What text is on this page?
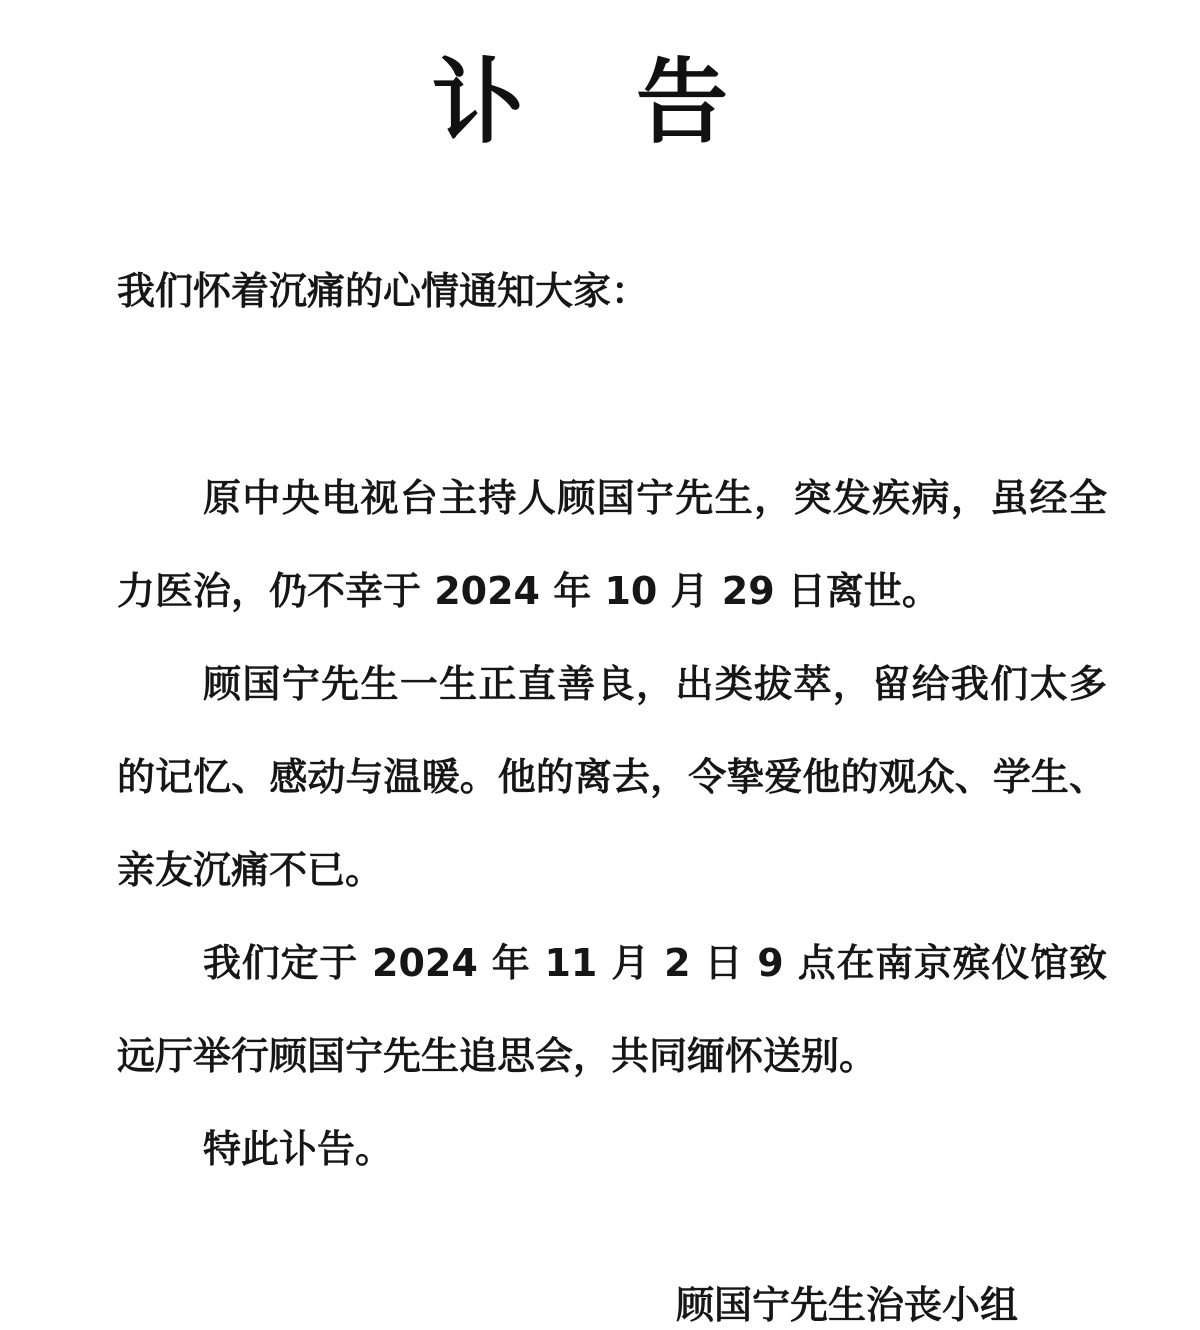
讣 告
我们怀着沉痛的心情通知大家：

原中央电视台主持人顾国宁先生，突发疾病，虽经全力医治，仍不幸于 2024 年 10 月 29 日离世。

顾国宁先生一生正直善良，出类拔萃，留给我们太多的记忆、感动与温暖。他的离去，令挚爱他的观众、学生、亲友沉痛不已。

我们定于 2024 年 11 月 2 日 9 点在南京殡仪馆致远厅举行顾国宁先生追思会，共同缅怀送别。

特此讣告。

顾国宁先生治丧小组
